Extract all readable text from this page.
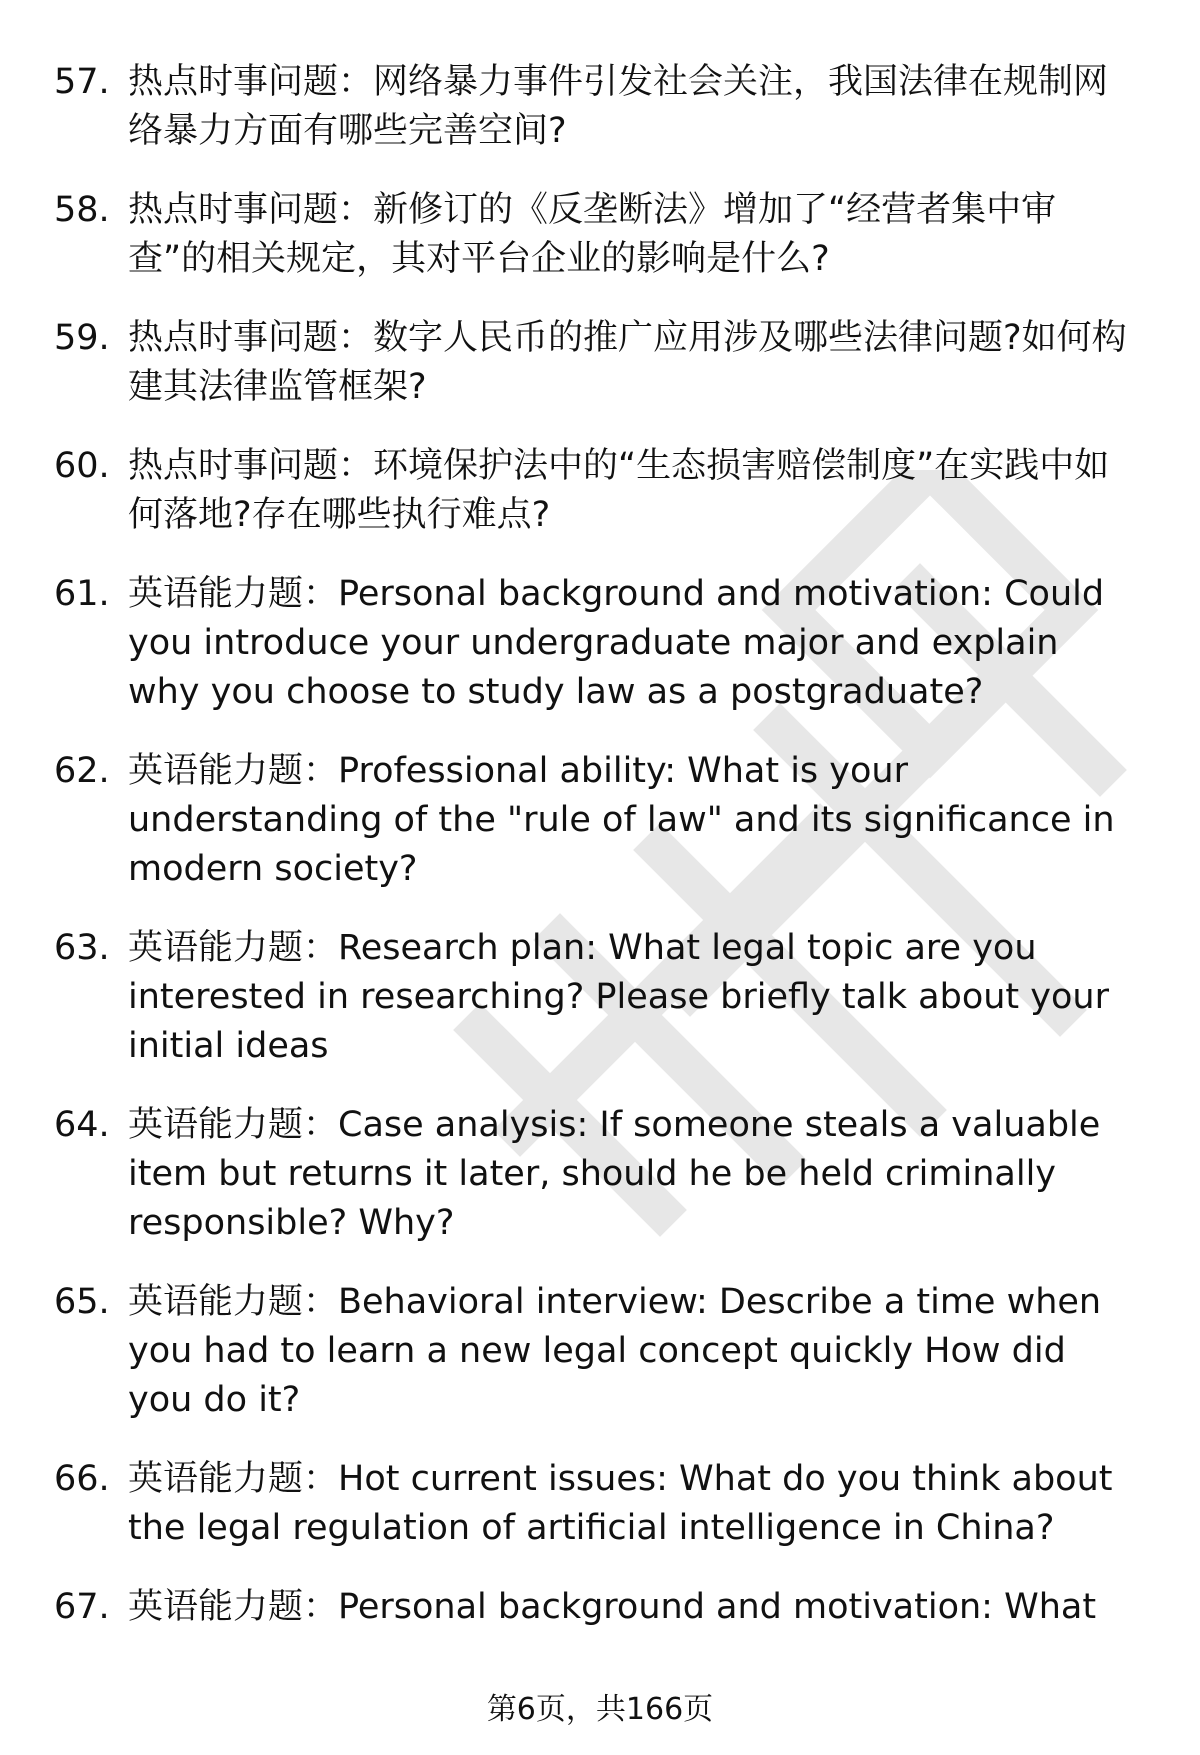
57. 热点时事问题：网络暴力事件引发社会关注，我国法律在规制网络暴力方面有哪些完善空间?
58. 热点时事问题：新修订的《反垄断法》增加了“经营者集中审查”的相关规定，其对平台企业的影响是什么?
59. 热点时事问题：数字人民币的推广应用涉及哪些法律问题?如何构建其法律监管框架?
60. 热点时事问题：环境保护法中的“生态损害赔偿制度”在实践中如何落地?存在哪些执行难点?
61. 英语能力题：Personal background and motivation: Could you introduce your undergraduate major and explain why you choose to study law as a postgraduate?
62. 英语能力题：Professional ability: What is your understanding of the "rule of law" and its significance in modern society?
63. 英语能力题：Research plan: What legal topic are you interested in researching? Please briefly talk about your initial ideas
64. 英语能力题：Case analysis: If someone steals a valuable item but returns it later, should he be held criminally responsible? Why?
65. 英语能力题：Behavioral interview: Describe a time when you had to learn a new legal concept quickly How did you do it?
66. 英语能力题：Hot current issues: What do you think about the legal regulation of artificial intelligence in China?
67. 英语能力题：Personal background and motivation: What
第6页，共166页
